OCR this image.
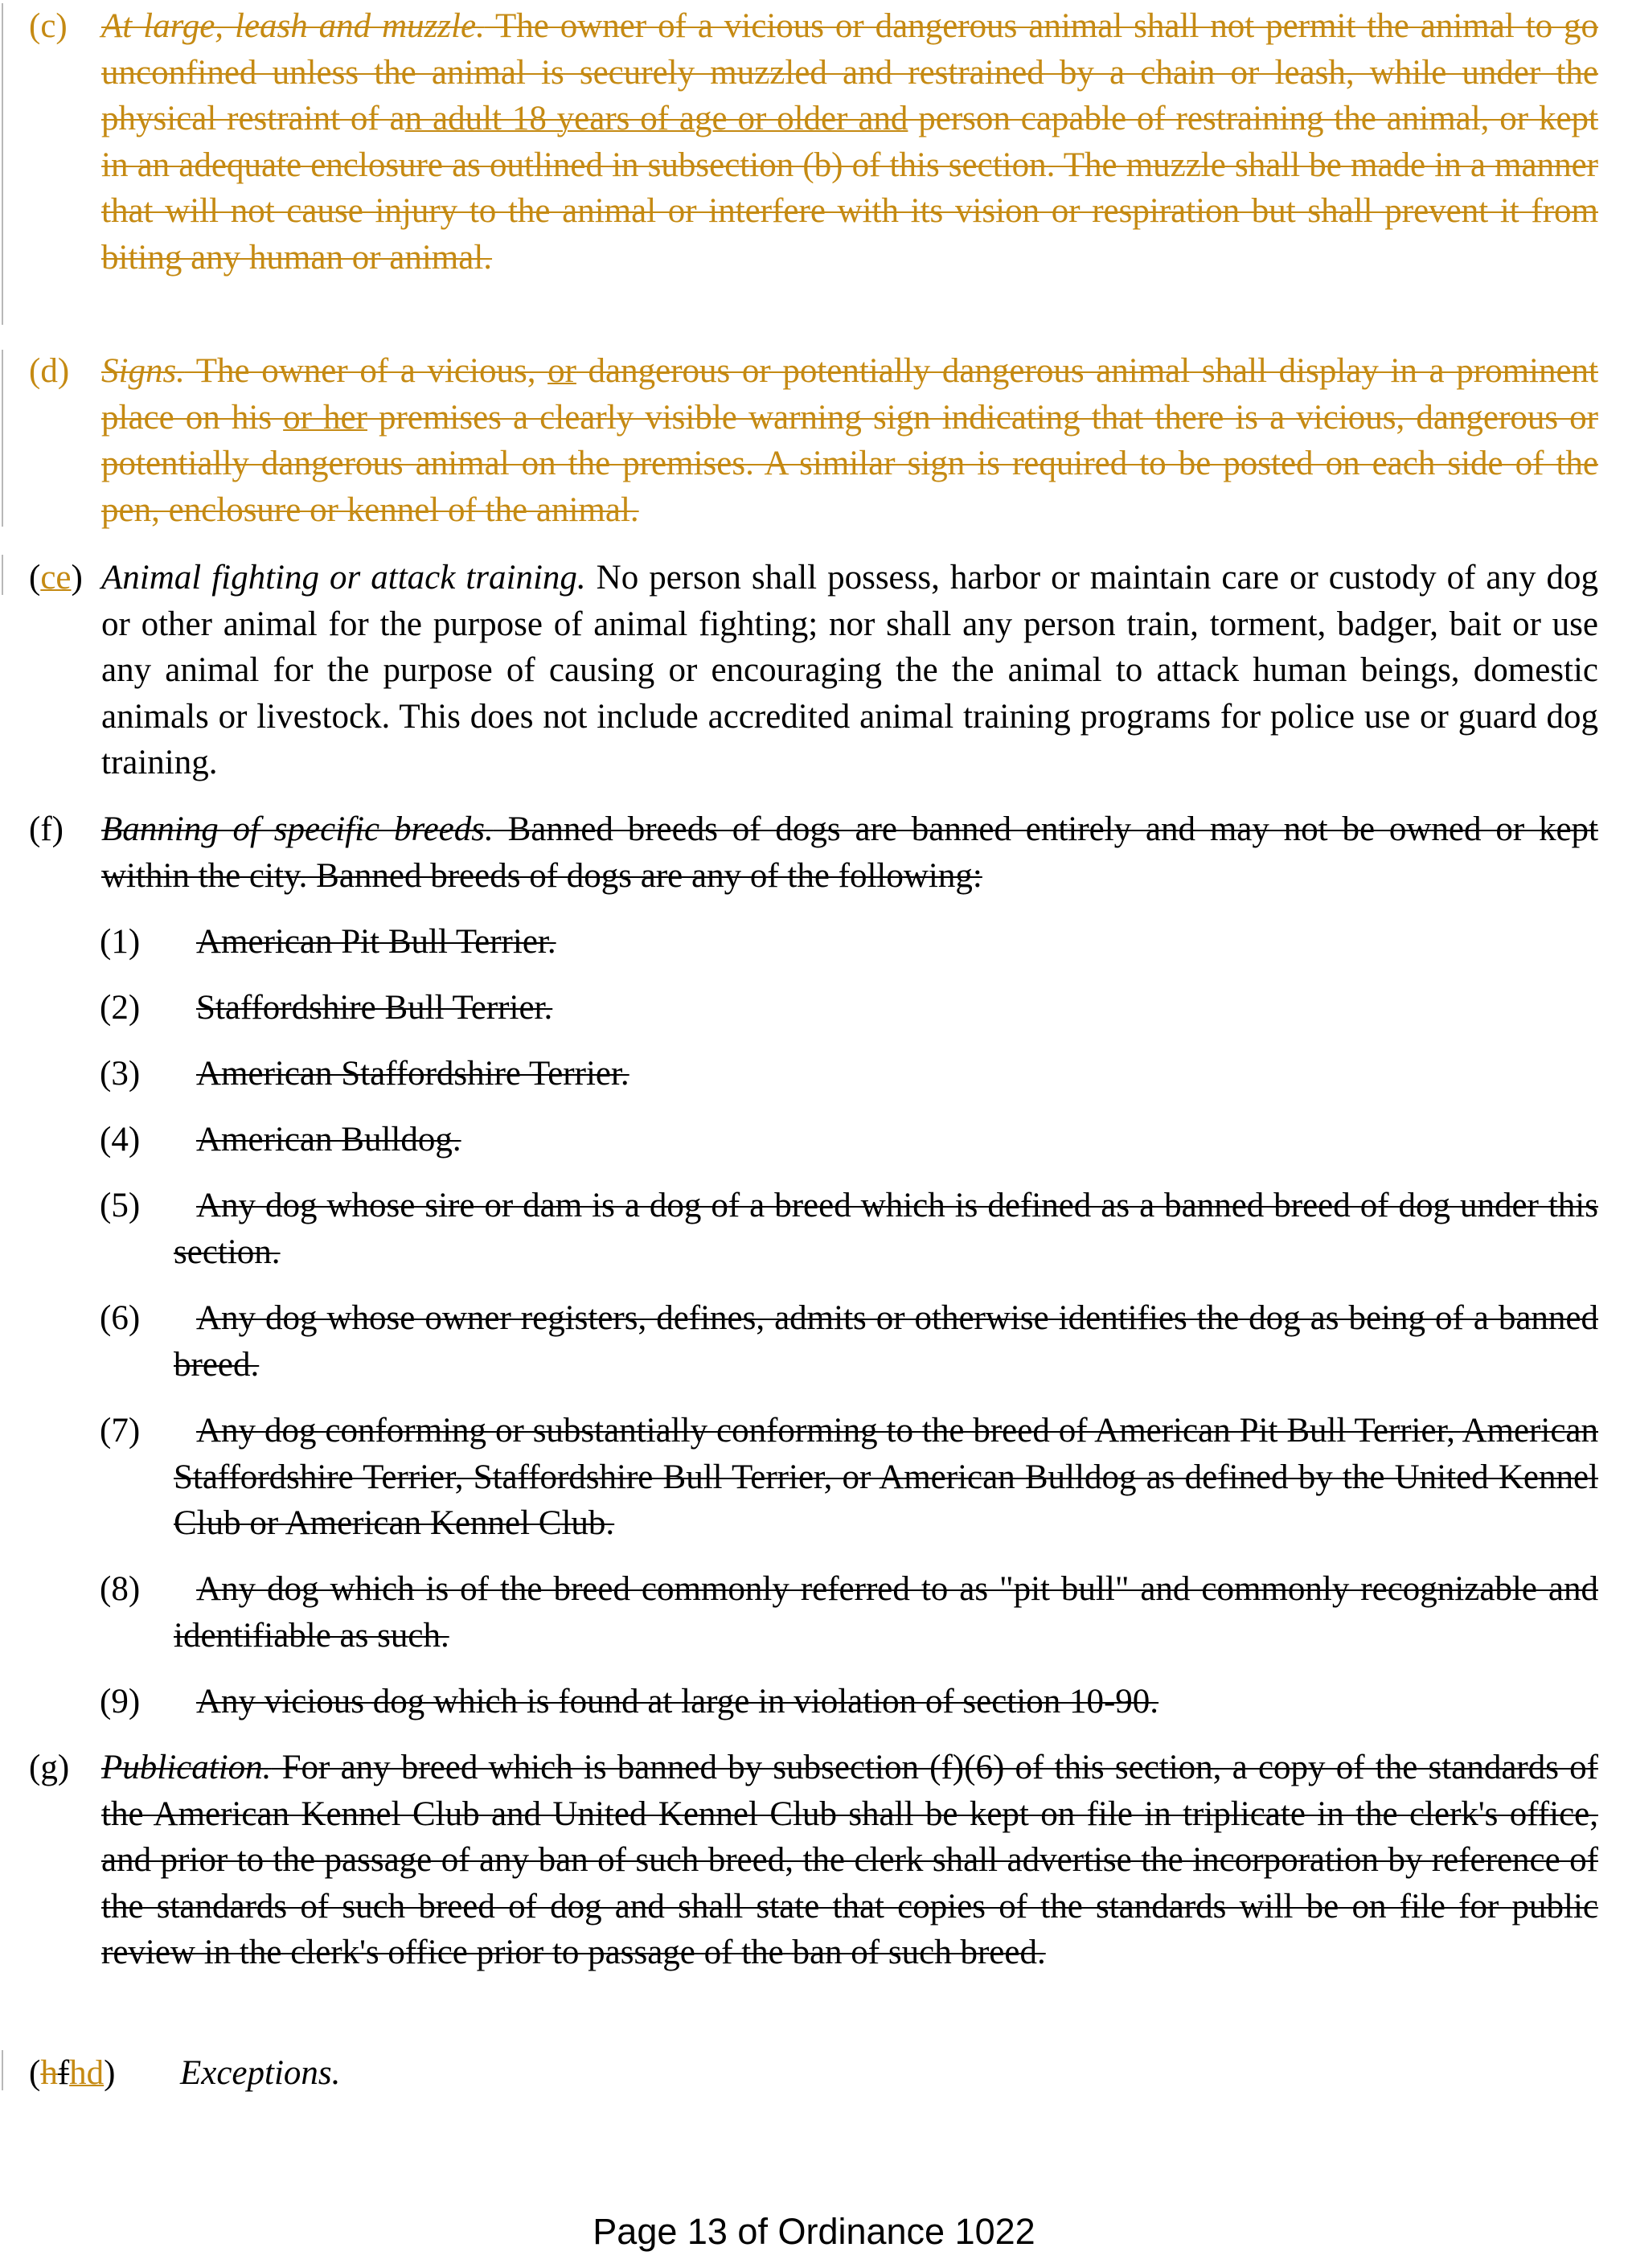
(c) At large, leash and muzzle. The owner of a vicious or dangerous animal shall not permit the animal to go unconfined unless the animal is securely muzzled and restrained by a chain or leash, while under the physical restraint of an adult 18 years of age or older and person capable of restraining the animal, or kept in an adequate enclosure as outlined in subsection (b) of this section. The muzzle shall be made in a manner that will not cause injury to the animal or interfere with its vision or respiration but shall prevent it from biting any human or animal.
(d) Signs. The owner of a vicious, or dangerous or potentially dangerous animal shall display in a prominent place on his or her premises a clearly visible warning sign indicating that there is a vicious, dangerous or potentially dangerous animal on the premises. A similar sign is required to be posted on each side of the pen, enclosure or kennel of the animal.
(ce) Animal fighting or attack training. No person shall possess, harbor or maintain care or custody of any dog or other animal for the purpose of animal fighting; nor shall any person train, torment, badger, bait or use any animal for the purpose of causing or encouraging the the animal to attack human beings, domestic animals or livestock. This does not include accredited animal training programs for police use or guard dog training.
(f) Banning of specific breeds. Banned breeds of dogs are banned entirely and may not be owned or kept within the city. Banned breeds of dogs are any of the following:
(1) American Pit Bull Terrier.
(2) Staffordshire Bull Terrier.
(3) American Staffordshire Terrier.
(4) American Bulldog.
(5) Any dog whose sire or dam is a dog of a breed which is defined as a banned breed of dog under this section.
(6) Any dog whose owner registers, defines, admits or otherwise identifies the dog as being of a banned breed.
(7) Any dog conforming or substantially conforming to the breed of American Pit Bull Terrier, American Staffordshire Terrier, Staffordshire Bull Terrier, or American Bulldog as defined by the United Kennel Club or American Kennel Club.
(8) Any dog which is of the breed commonly referred to as "pit bull" and commonly recognizable and identifiable as such.
(9) Any vicious dog which is found at large in violation of section 10-90.
(g) Publication. For any breed which is banned by subsection (f)(6) of this section, a copy of the standards of the American Kennel Club and United Kennel Club shall be kept on file in triplicate in the clerk's office, and prior to the passage of any ban of such breed, the clerk shall advertise the incorporation by reference of the standards of such breed of dog and shall state that copies of the standards will be on file for public review in the clerk's office prior to passage of the ban of such breed.
(hfhd) Exceptions.
Page 13 of Ordinance 1022
